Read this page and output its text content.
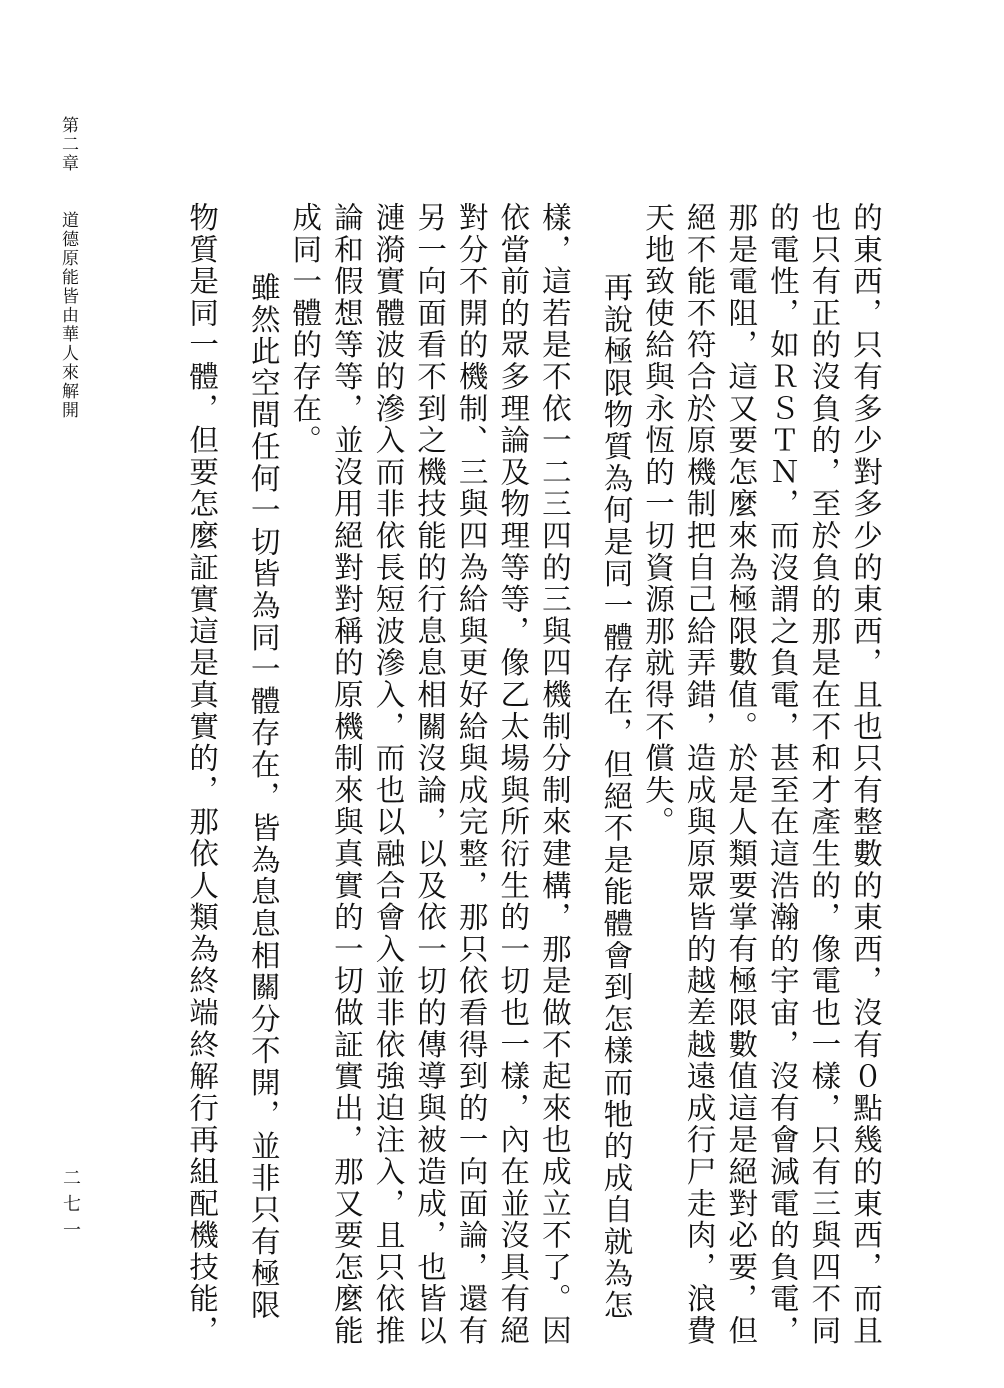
第二章道德原能皆由華人來解開	的東西，只有多少對多少的東西，且也只有整數的東西，沒有０點幾的東西，而且
也只有正的沒負的，至於負的那是在不和才產生的，像電也一樣，只有三與四不同
的電性，如ＲＳＴＮ，而沒謂之負電，甚至在這浩瀚的宇宙，沒有會減電的負電，
那是電阻，這又要怎麼來為極限數值。於是人類要掌有極限數值這是絕對必要，但
絕不能不符合於原機制把自己給弄錯，造成與原眾皆的越差越遠成行尸走肉，浪費
天地致使給與永恆的一切資源那就得不償失。
再說極限物質為何是同一體存在，但絕不是能體會到怎樣而牠的成自就為怎
樣，這若是不依一二三四的三與四機制分制來建構，那是做不起來也成立不了。因
依當前的眾多理論及物理等等，像乙太場與所衍生的一切也一樣，內在並沒具有絕
對分不開的機制、三與四為給與更好給與成完整，那只依看得到的一向面論，還有
另一向面看不到之機技能的行息息相關沒論，以及依一切的傳導與被造成，也皆以
漣漪實體波的滲入而非依長短波滲入，而也以融合會入並非依強迫注入，且只依推
論和假想等等，並沒用絕對對稱的原機制來與真實的一切做証實出，那又要怎麼能
成同一體的存在。
雖然此空間任何一切皆為同一體存在，皆為息息相關分不開，並非只有極限
物質是同一體，但要怎麼証實這是真實的，那依人類為終端終解行再組配機技能，
二七一
